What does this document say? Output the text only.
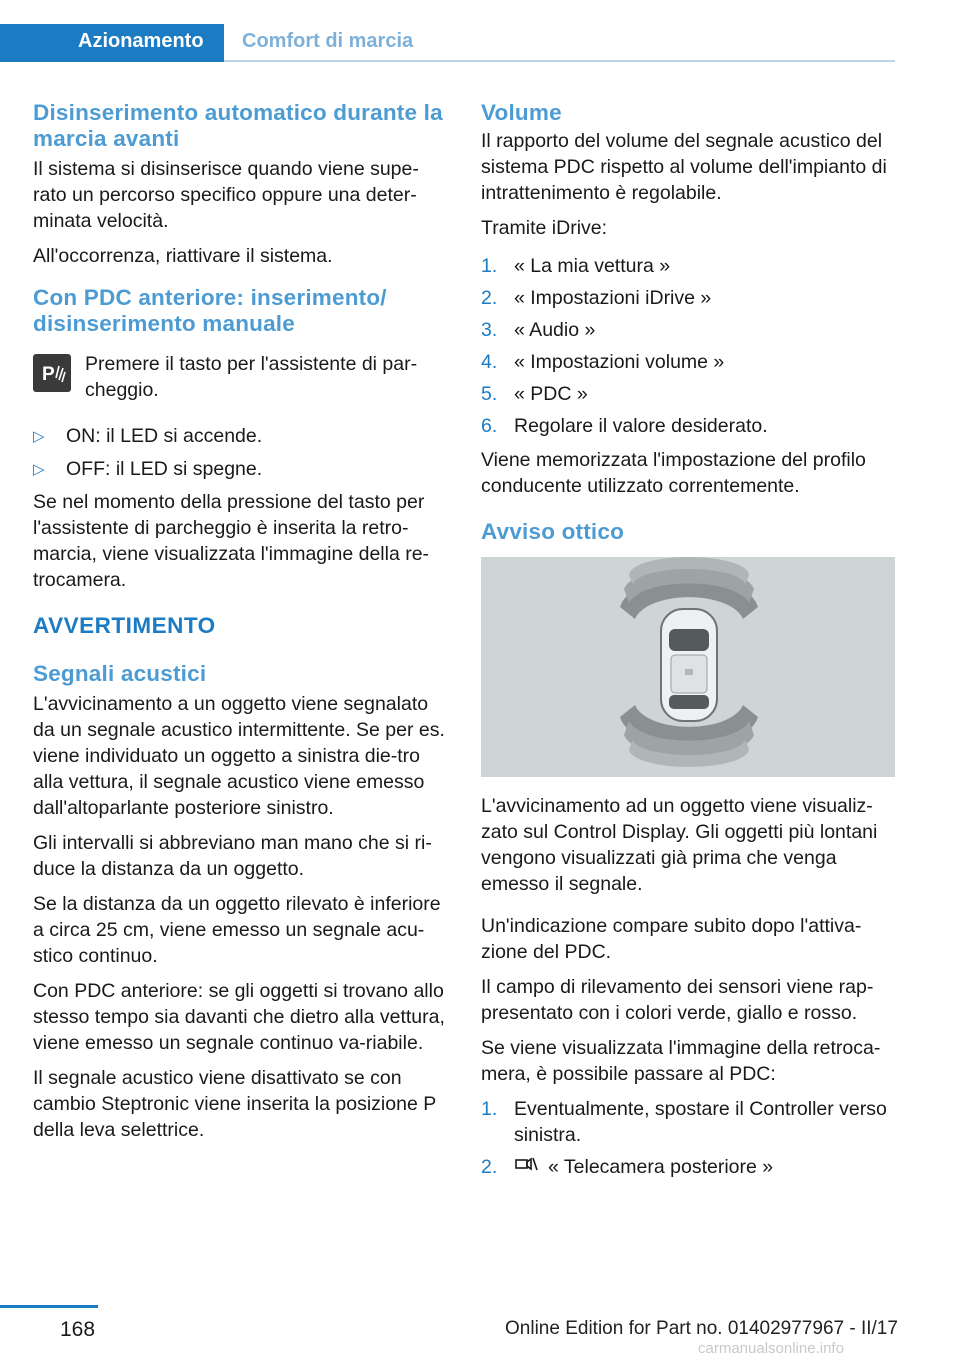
Azionamento	Comfort di marcia
Disinserimento automatico durante la marcia avanti

Il sistema si disinserisce quando viene supe-rato un percorso specifico oppure una deter-minata velocità.

All'occorrenza, riattivare il sistema.

Con PDC anteriore: inserimento/ disinserimento manuale
P Premere il tasto per l'assistente di par-cheggio.
▷	ON: il LED si accende.
▷	OFF: il LED si spegne.

Se nel momento della pressione del tasto per l'assistente di parcheggio è inserita la retro-marcia, viene visualizzata l'immagine della re-trocamera.

AVVERTIMENTO
Segnali acustici

L'avvicinamento a un oggetto viene segnalato da un segnale acustico intermittente. Se per es. viene individuato un oggetto a sinistra die-tro alla vettura, il segnale acustico viene emesso dall'altoparlante posteriore sinistro.

Gli intervalli si abbreviano man mano che si ri-duce la distanza da un oggetto.

Se la distanza da un oggetto rilevato è inferiore a circa 25 cm, viene emesso un segnale acu-stico continuo.

Con PDC anteriore: se gli oggetti si trovano allo stesso tempo sia davanti che dietro alla vettura, viene emesso un segnale continuo va-riabile.

Il segnale acustico viene disattivato se con cambio Steptronic viene inserita la posizione P della leva selettrice.

Volume

Il rapporto del volume del segnale acustico del sistema PDC rispetto al volume dell'impianto di intrattenimento è regolabile.

Tramite iDrive:

1. « La mia vettura »
2. « Impostazioni iDrive »
3. « Audio »
4. « Impostazioni volume »
5. « PDC »
6. Regolare il valore desiderato.

Viene memorizzata l'impostazione del profilo conducente utilizzato correntemente.

Avviso ottico

L'avvicinamento ad un oggetto viene visualiz-zato sul Control Display. Gli oggetti più lontani vengono visualizzati già prima che venga emesso il segnale.

Un'indicazione compare subito dopo l'attiva-zione del PDC.

Il campo di rilevamento dei sensori viene rap-presentato con i colori verde, giallo e rosso.

Se viene visualizzata l'immagine della retroca-mera, è possibile passare al PDC:

1. Eventualmente, spostare il Controller verso sinistra.
2.	« Telecamera posteriore »
168	Online Edition for Part no. 01402977967 - II/17
carmanualsonline.info
